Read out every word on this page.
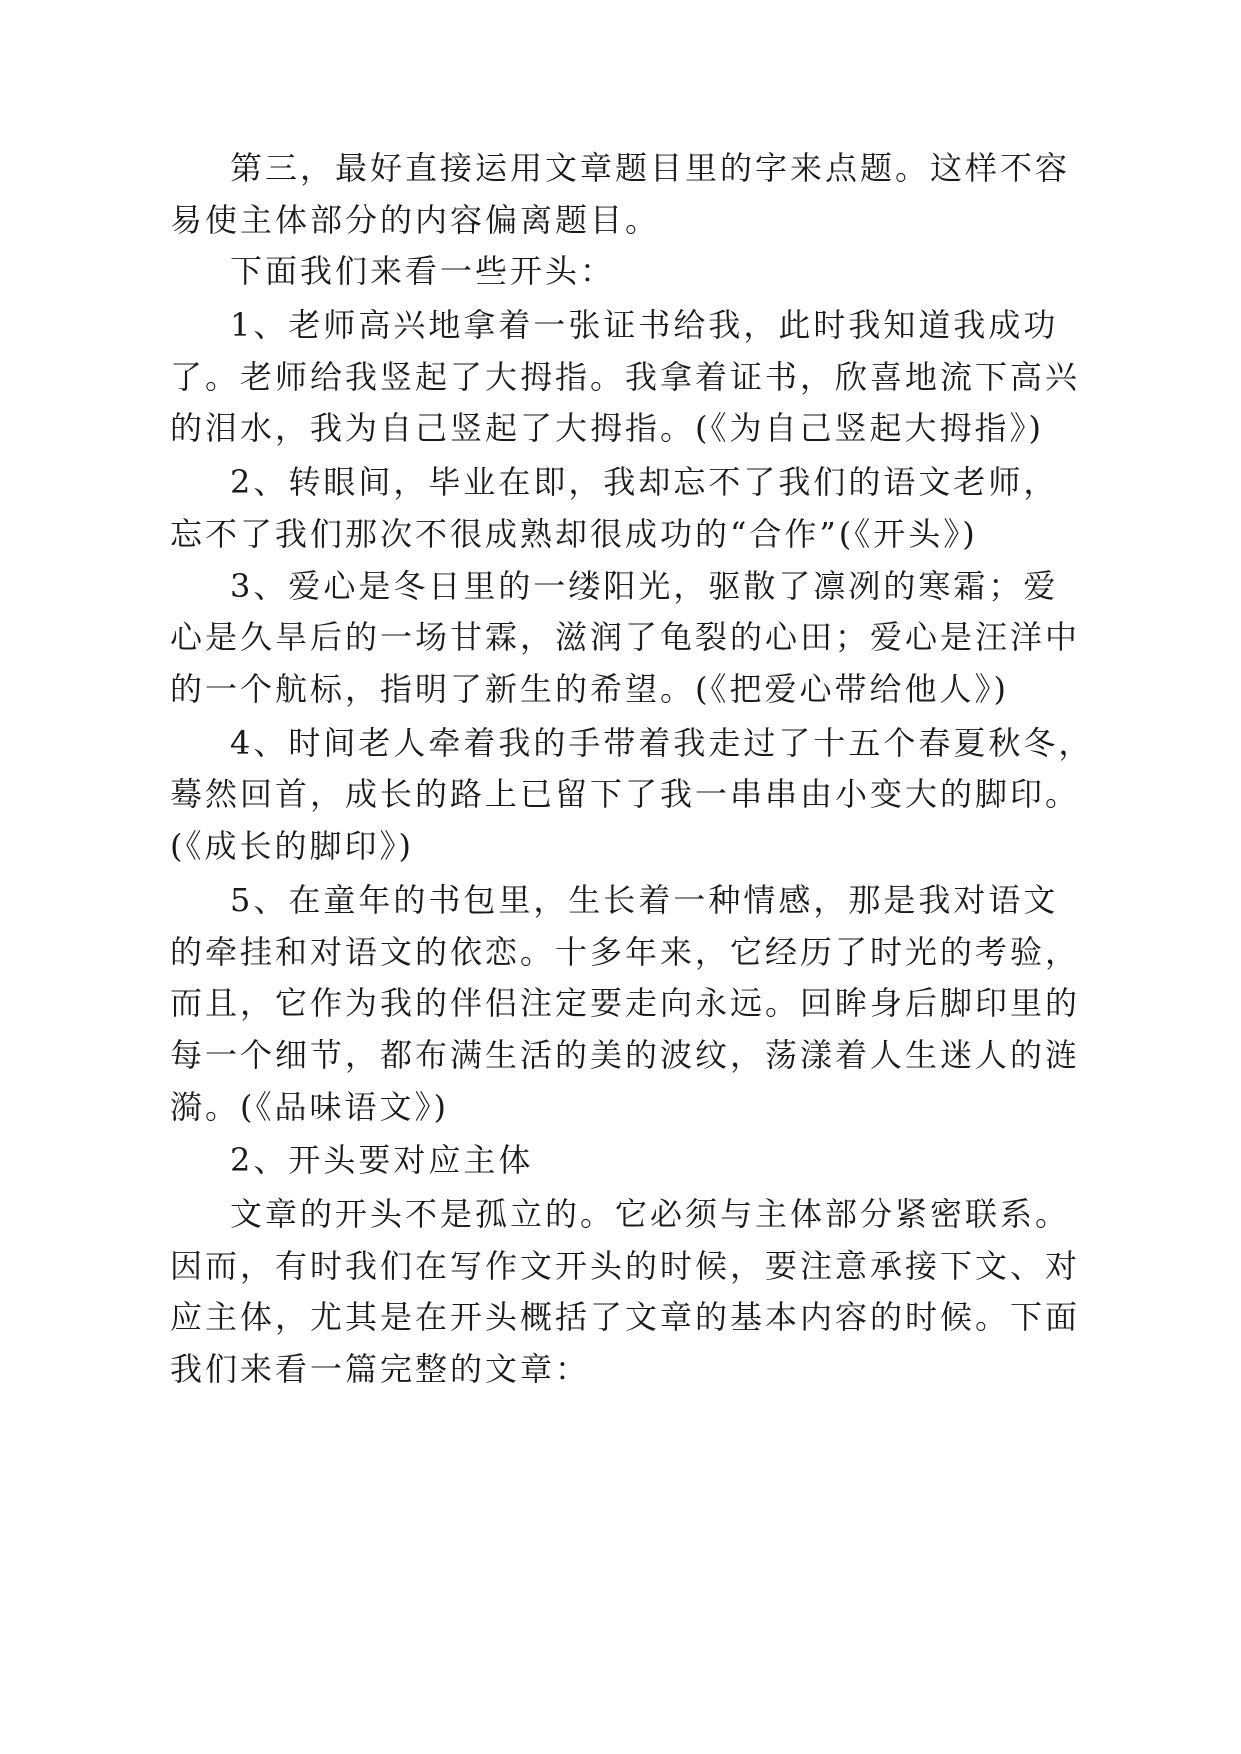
第三，最好直接运用文章题目里的字来点题。这样不容
易使主体部分的内容偏离题目。
下面我们来看一些开头：
1、老师高兴地拿着一张证书给我，此时我知道我成功
了。老师给我竖起了大拇指。我拿着证书，欣喜地流下高兴
的泪水，我为自己竖起了大拇指。(《为自己竖起大拇指》)
2、转眼间，毕业在即，我却忘不了我们的语文老师，
忘不了我们那次不很成熟却很成功的“合作”(《开头》)
3、爱心是冬日里的一缕阳光，驱散了凛冽的寒霜；爱
心是久旱后的一场甘霖，滋润了龟裂的心田；爱心是汪洋中
的一个航标，指明了新生的希望。(《把爱心带给他人》)
4、时间老人牵着我的手带着我走过了十五个春夏秋冬，
蓦然回首，成长的路上已留下了我一串串由小变大的脚印。
(《成长的脚印》)
5、在童年的书包里，生长着一种情感，那是我对语文
的牵挂和对语文的依恋。十多年来，它经历了时光的考验，
而且，它作为我的伴侣注定要走向永远。回眸身后脚印里的
每一个细节，都布满生活的美的波纹，荡漾着人生迷人的涟
漪。(《品味语文》)
2、开头要对应主体
文章的开头不是孤立的。它必须与主体部分紧密联系。
因而，有时我们在写作文开头的时候，要注意承接下文、对
应主体，尤其是在开头概括了文章的基本内容的时候。下面
我们来看一篇完整的文章：
